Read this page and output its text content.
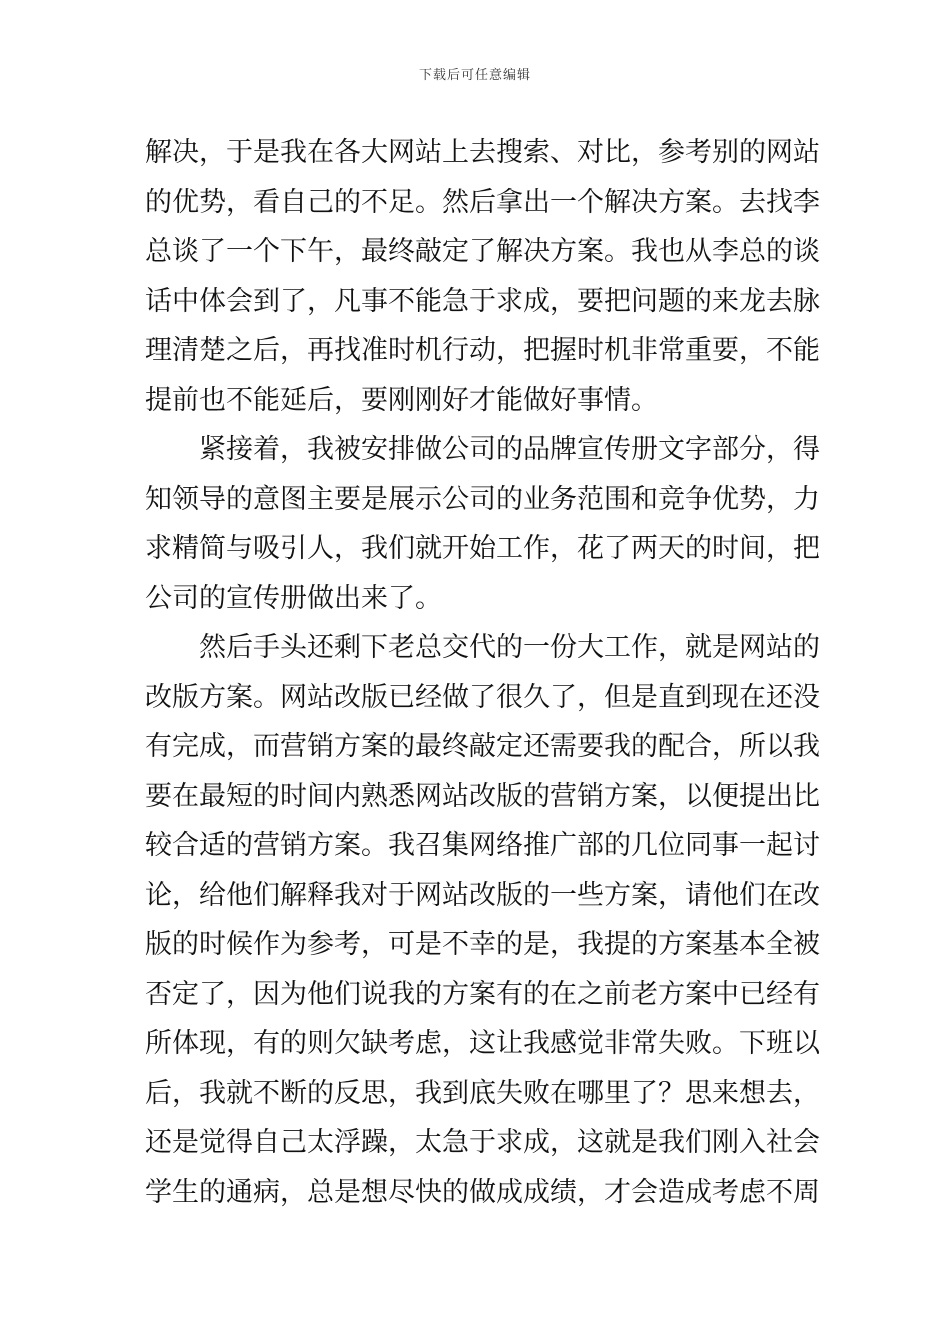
下载后可任意编辑
解决，于是我在各大网站上去搜索、对比，参考别的网站
的优势，看自己的不足。然后拿出一个解决方案。去找李
总谈了一个下午，最终敲定了解决方案。我也从李总的谈
话中体会到了，凡事不能急于求成，要把问题的来龙去脉
理清楚之后，再找准时机行动，把握时机非常重要，不能
提前也不能延后，要刚刚好才能做好事情。
紧接着，我被安排做公司的品牌宣传册文字部分，得
知领导的意图主要是展示公司的业务范围和竞争优势，力
求精简与吸引人，我们就开始工作，花了两天的时间，把
公司的宣传册做出来了。
然后手头还剩下老总交代的一份大工作，就是网站的
改版方案。网站改版已经做了很久了，但是直到现在还没
有完成，而营销方案的最终敲定还需要我的配合，所以我
要在最短的时间内熟悉网站改版的营销方案，以便提出比
较合适的营销方案。我召集网络推广部的几位同事一起讨
论，给他们解释我对于网站改版的一些方案，请他们在改
版的时候作为参考，可是不幸的是，我提的方案基本全被
否定了，因为他们说我的方案有的在之前老方案中已经有
所体现，有的则欠缺考虑，这让我感觉非常失败。下班以
后，我就不断的反思，我到底失败在哪里了？思来想去，
还是觉得自己太浮躁，太急于求成，这就是我们刚入社会
学生的通病，总是想尽快的做成成绩，才会造成考虑不周
